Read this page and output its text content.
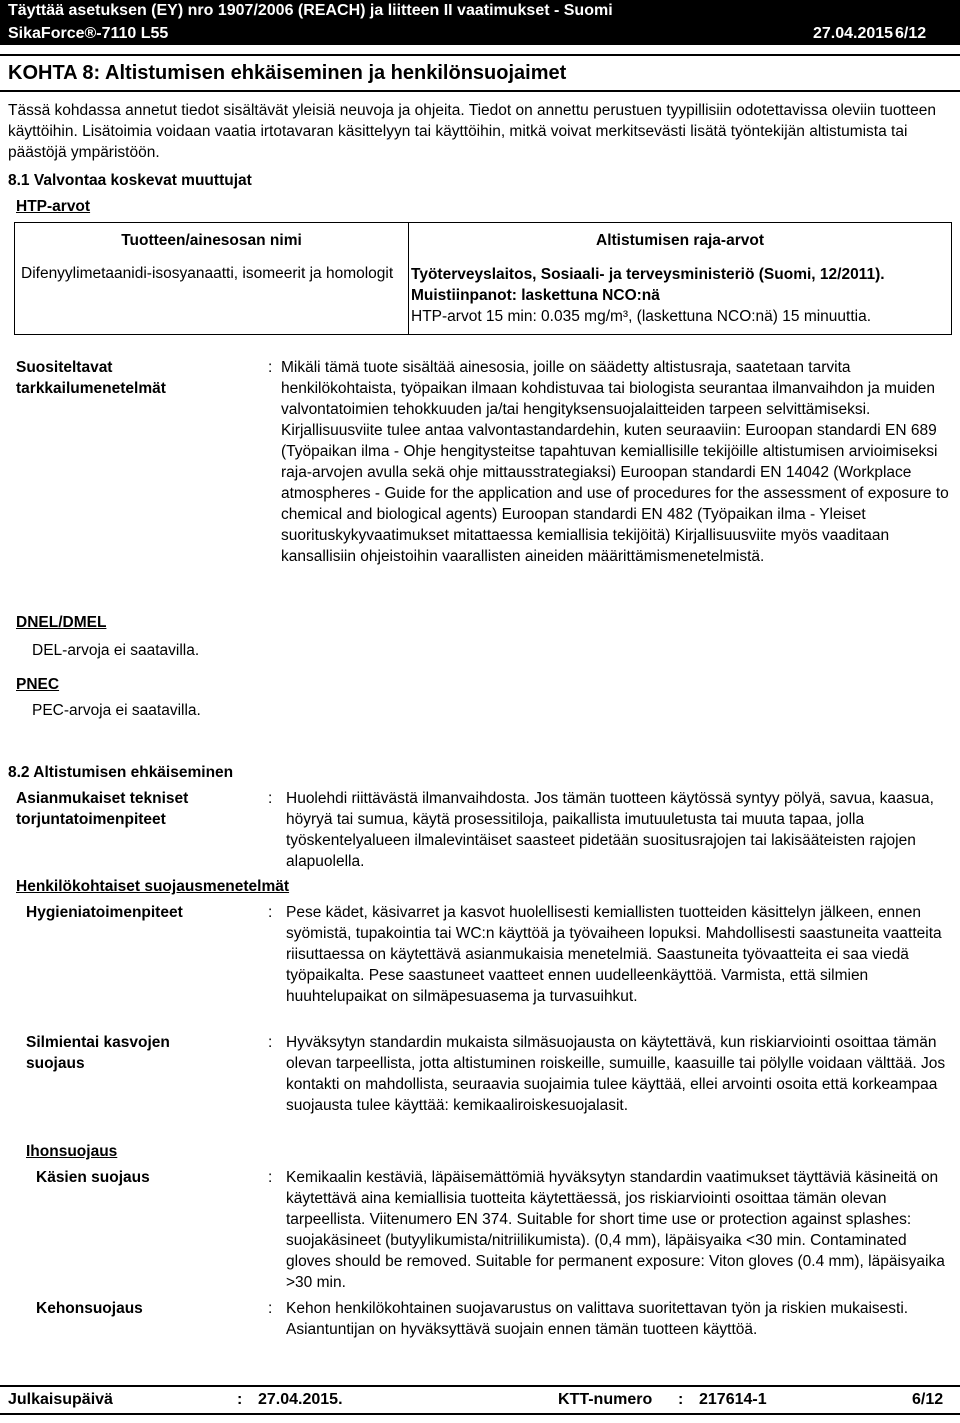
Täyttää asetuksen (EY) nro 1907/2006 (REACH) ja liitteen II vaatimukset - Suomi
SikaForce®-7110 L55	27.04.2015 6/12
KOHTA 8: Altistumisen ehkäiseminen ja henkilönsuojaimet
Tässä kohdassa annetut tiedot sisältävät yleisiä neuvoja ja ohjeita. Tiedot on annettu perustuen tyypillisiin odotettavissa oleviin tuotteen käyttöihin. Lisätoimia voidaan vaatia irtotavaran käsittelyyn tai käyttöihin, mitkä voivat merkitsevästi lisätä työntekijän altistumista tai päästöjä ympäristöön.
8.1 Valvontaa koskevat muuttujat
HTP-arvot
Tuotteen/ainesosan nimi	Altistumisen raja-arvot
Difenyylimetaanidi-isosyanaatti, isomeerit ja homologit	Työterveyslaitos, Sosiaali- ja terveysministeriö (Suomi, 12/2011). Muistiinpanot: laskettuna NCO:nä
HTP-arvot 15 min: 0.035 mg/m³, (laskettuna NCO:nä) 15 minuuttia.
Suositeltavat tarkkailumenetelmät
: Mikäli tämä tuote sisältää ainesosia, joille on säädetty altistusraja, saatetaan tarvita henkilökohtaista, työpaikan ilmaan kohdistuvaa tai biologista seurantaa ilmanvaihdon ja muiden valvontatoimien tehokkuuden ja/tai hengityksensuojalaitteiden tarpeen selvittämiseksi. Kirjallisuusviite tulee antaa valvontastandardehin, kuten seuraaviin: Euroopan standardi EN 689 (Työpaikan ilma - Ohje hengitysteitse tapahtuvan kemiallisille tekijöille altistumisen arvioimiseksi raja-arvojen avulla sekä ohje mittausstrategiaksi) Euroopan standardi EN 14042 (Workplace atmospheres - Guide for the application and use of procedures for the assessment of exposure to chemical and biological agents) Euroopan standardi EN 482 (Työpaikan ilma - Yleiset suorituskykyvaatimukset mitattaessa kemiallisia tekijöitä) Kirjallisuusviite myös vaaditaan kansallisiin ohjeistoihin vaarallisten aineiden määrittämismenetelmistä.
DNEL/DMEL
DEL-arvoja ei saatavilla.
PNEC
PEC-arvoja ei saatavilla.
8.2 Altistumisen ehkäiseminen
Asianmukaiset tekniset torjuntatoimenpiteet
: Huolehdi riittävästä ilmanvaihdosta. Jos tämän tuotteen käytössä syntyy pölyä, savua, kaasua, höyryä tai sumua, käytä prosessitiloja, paikallista imutuuletusta tai muuta tapaa, jolla työskentelyalueen ilmalevintäiset saasteet pidetään suositusrajojen tai lakisääteisten rajojen alapuolella.
Henkilökohtaiset suojausmenetelmät
Hygieniatoimenpiteet	: Pese kädet, käsivarret ja kasvot huolellisesti kemiallisten tuotteiden käsittelyn jälkeen, ennen syömistä, tupakointia tai WC:n käyttöä ja työvaiheen lopuksi. Mahdollisesti saastuneita vaatteita riisuttaessa on käytettävä asianmukaisia menetelmiä. Saastuneita työvaatteita ei saa viedä työpaikalta. Pese saastuneet vaatteet ennen uudelleenkäyttöä. Varmista, että silmien huuhtelupaikat on silmäpesuasema ja turvasuihkut.
Silmientai kasvojen suojaus
: Hyväksytyn standardin mukaista silmäsuojausta on käytettävä, kun riskiarviointi osoittaa tämän olevan tarpeellista, jotta altistuminen roiskeille, sumuille, kaasuille tai pölylle voidaan välttää. Jos kontakti on mahdollista, seuraavia suojaimia tulee käyttää, ellei arvointi osoita että korkeampaa suojausta tulee käyttää: kemikaaliroiskesuojalasit.
Ihonsuojaus
Käsien suojaus	: Kemikaalin kestäviä, läpäisemättömiä hyväksytyn standardin vaatimukset täyttäviä käsineitä on käytettävä aina kemiallisia tuotteita käytettäessä, jos riskiarviointi osoittaa tämän olevan tarpeellista. Viitenumero EN 374. Suitable for short time use or protection against splashes: suojakäsineet (butyylikumista/nitriilikumista). (0,4 mm), läpäisyaika <30 min. Contaminated gloves should be removed. Suitable for permanent exposure: Viton gloves (0.4 mm), läpäisyaika >30 min.
Kehonsuojaus	: Kehon henkilökohtainen suojavarustus on valittava suoritettavan työn ja riskien mukaisesti. Asiantuntijan on hyväksyttävä suojain ennen tämän tuotteen käyttöä.
Julkaisupäivä	: 27.04.2015.	KTT-numero : 217614-1	6/12
